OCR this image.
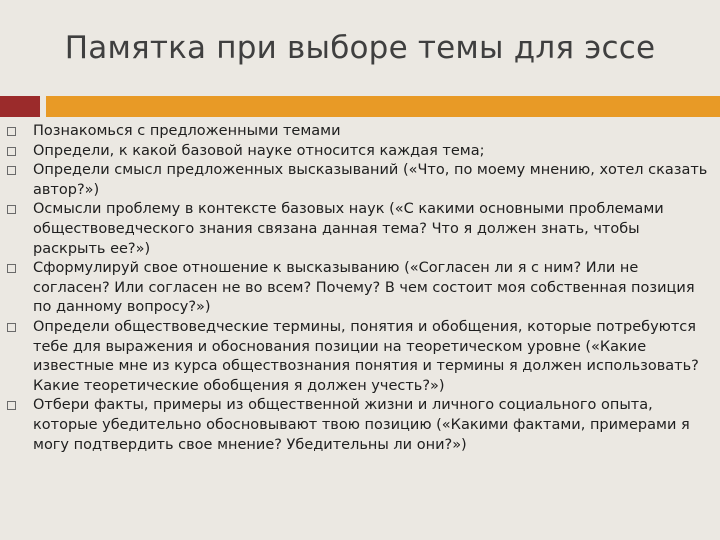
Памятка при выборе темы для эссе
Познакомься с предложенными темами
Определи, к какой базовой науке относится каждая тема;
Определи смысл предложенных высказываний («Что, по моему мнению, хотел сказать автор?»)
Осмысли проблему в контексте базовых наук («С какими основными проблемами обществоведческого знания связана данная тема? Что я должен знать, чтобы раскрыть ее?»)
Сформулируй свое отношение к высказыванию («Согласен ли я с ним? Или не согласен? Или согласен не во всем? Почему? В чем состоит моя собственная позиция по данному вопросу?»)
Определи обществоведческие термины, понятия и обобщения, которые потребуются тебе для выражения и обоснования позиции на теоретическом уровне («Какие известные мне из курса обществознания понятия и термины я должен использовать? Какие теоретические обобщения я должен учесть?»)
Отбери факты, примеры из общественной жизни и личного социального опыта, которые убедительно обосновывают твою позицию («Какими фактами, примерами я могу подтвердить свое мнение? Убедительны ли они?»)
